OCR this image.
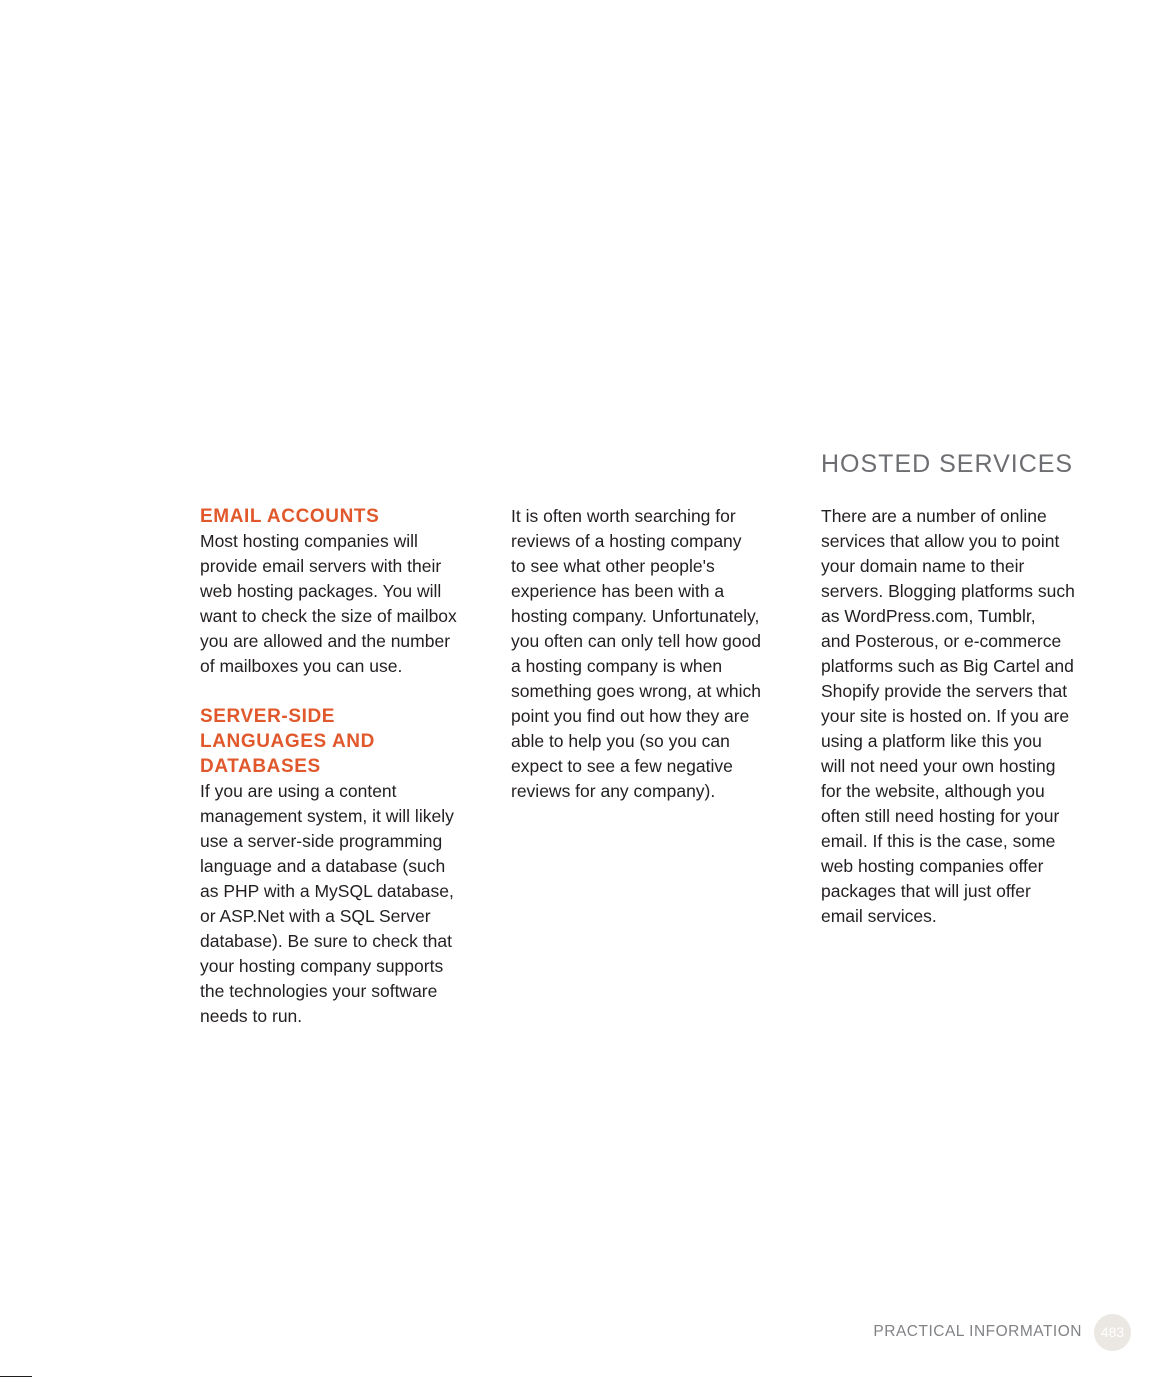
HOSTED SERVICES
EMAIL ACCOUNTS

Most hosting companies will
provide email servers with their
web hosting packages. You will
want to check the size of mailbox
you are allowed and the number
of mailboxes you can use.

SERVER-SIDE
LANGUAGES AND
DATABASES

If you are using a content
management system, it will likely
use a server-side programming
language and a database (such
as PHP with a MySQL database,
or ASP.Net with a SQL Server
database). Be sure to check that
your hosting company supports
the technologies your software
needs to run.

It is often worth searching for
reviews of a hosting company
to see what other people's
experience has been with a
hosting company. Unfortunately,
you often can only tell how good
a hosting company is when
something goes wrong, at which
point you find out how they are
able to help you (so you can
expect to see a few negative
reviews for any company).

There are a number of online
services that allow you to point
your domain name to their
servers. Blogging platforms such
as WordPress.com, Tumblr,
and Posterous, or e-commerce
platforms such as Big Cartel and
Shopify provide the servers that
your site is hosted on. If you are
using a platform like this you
will not need your own hosting
for the website, although you
often still need hosting for your
email. If this is the case, some
web hosting companies offer
packages that will just offer
email services.

PRACTICAL INFORMATION	483
